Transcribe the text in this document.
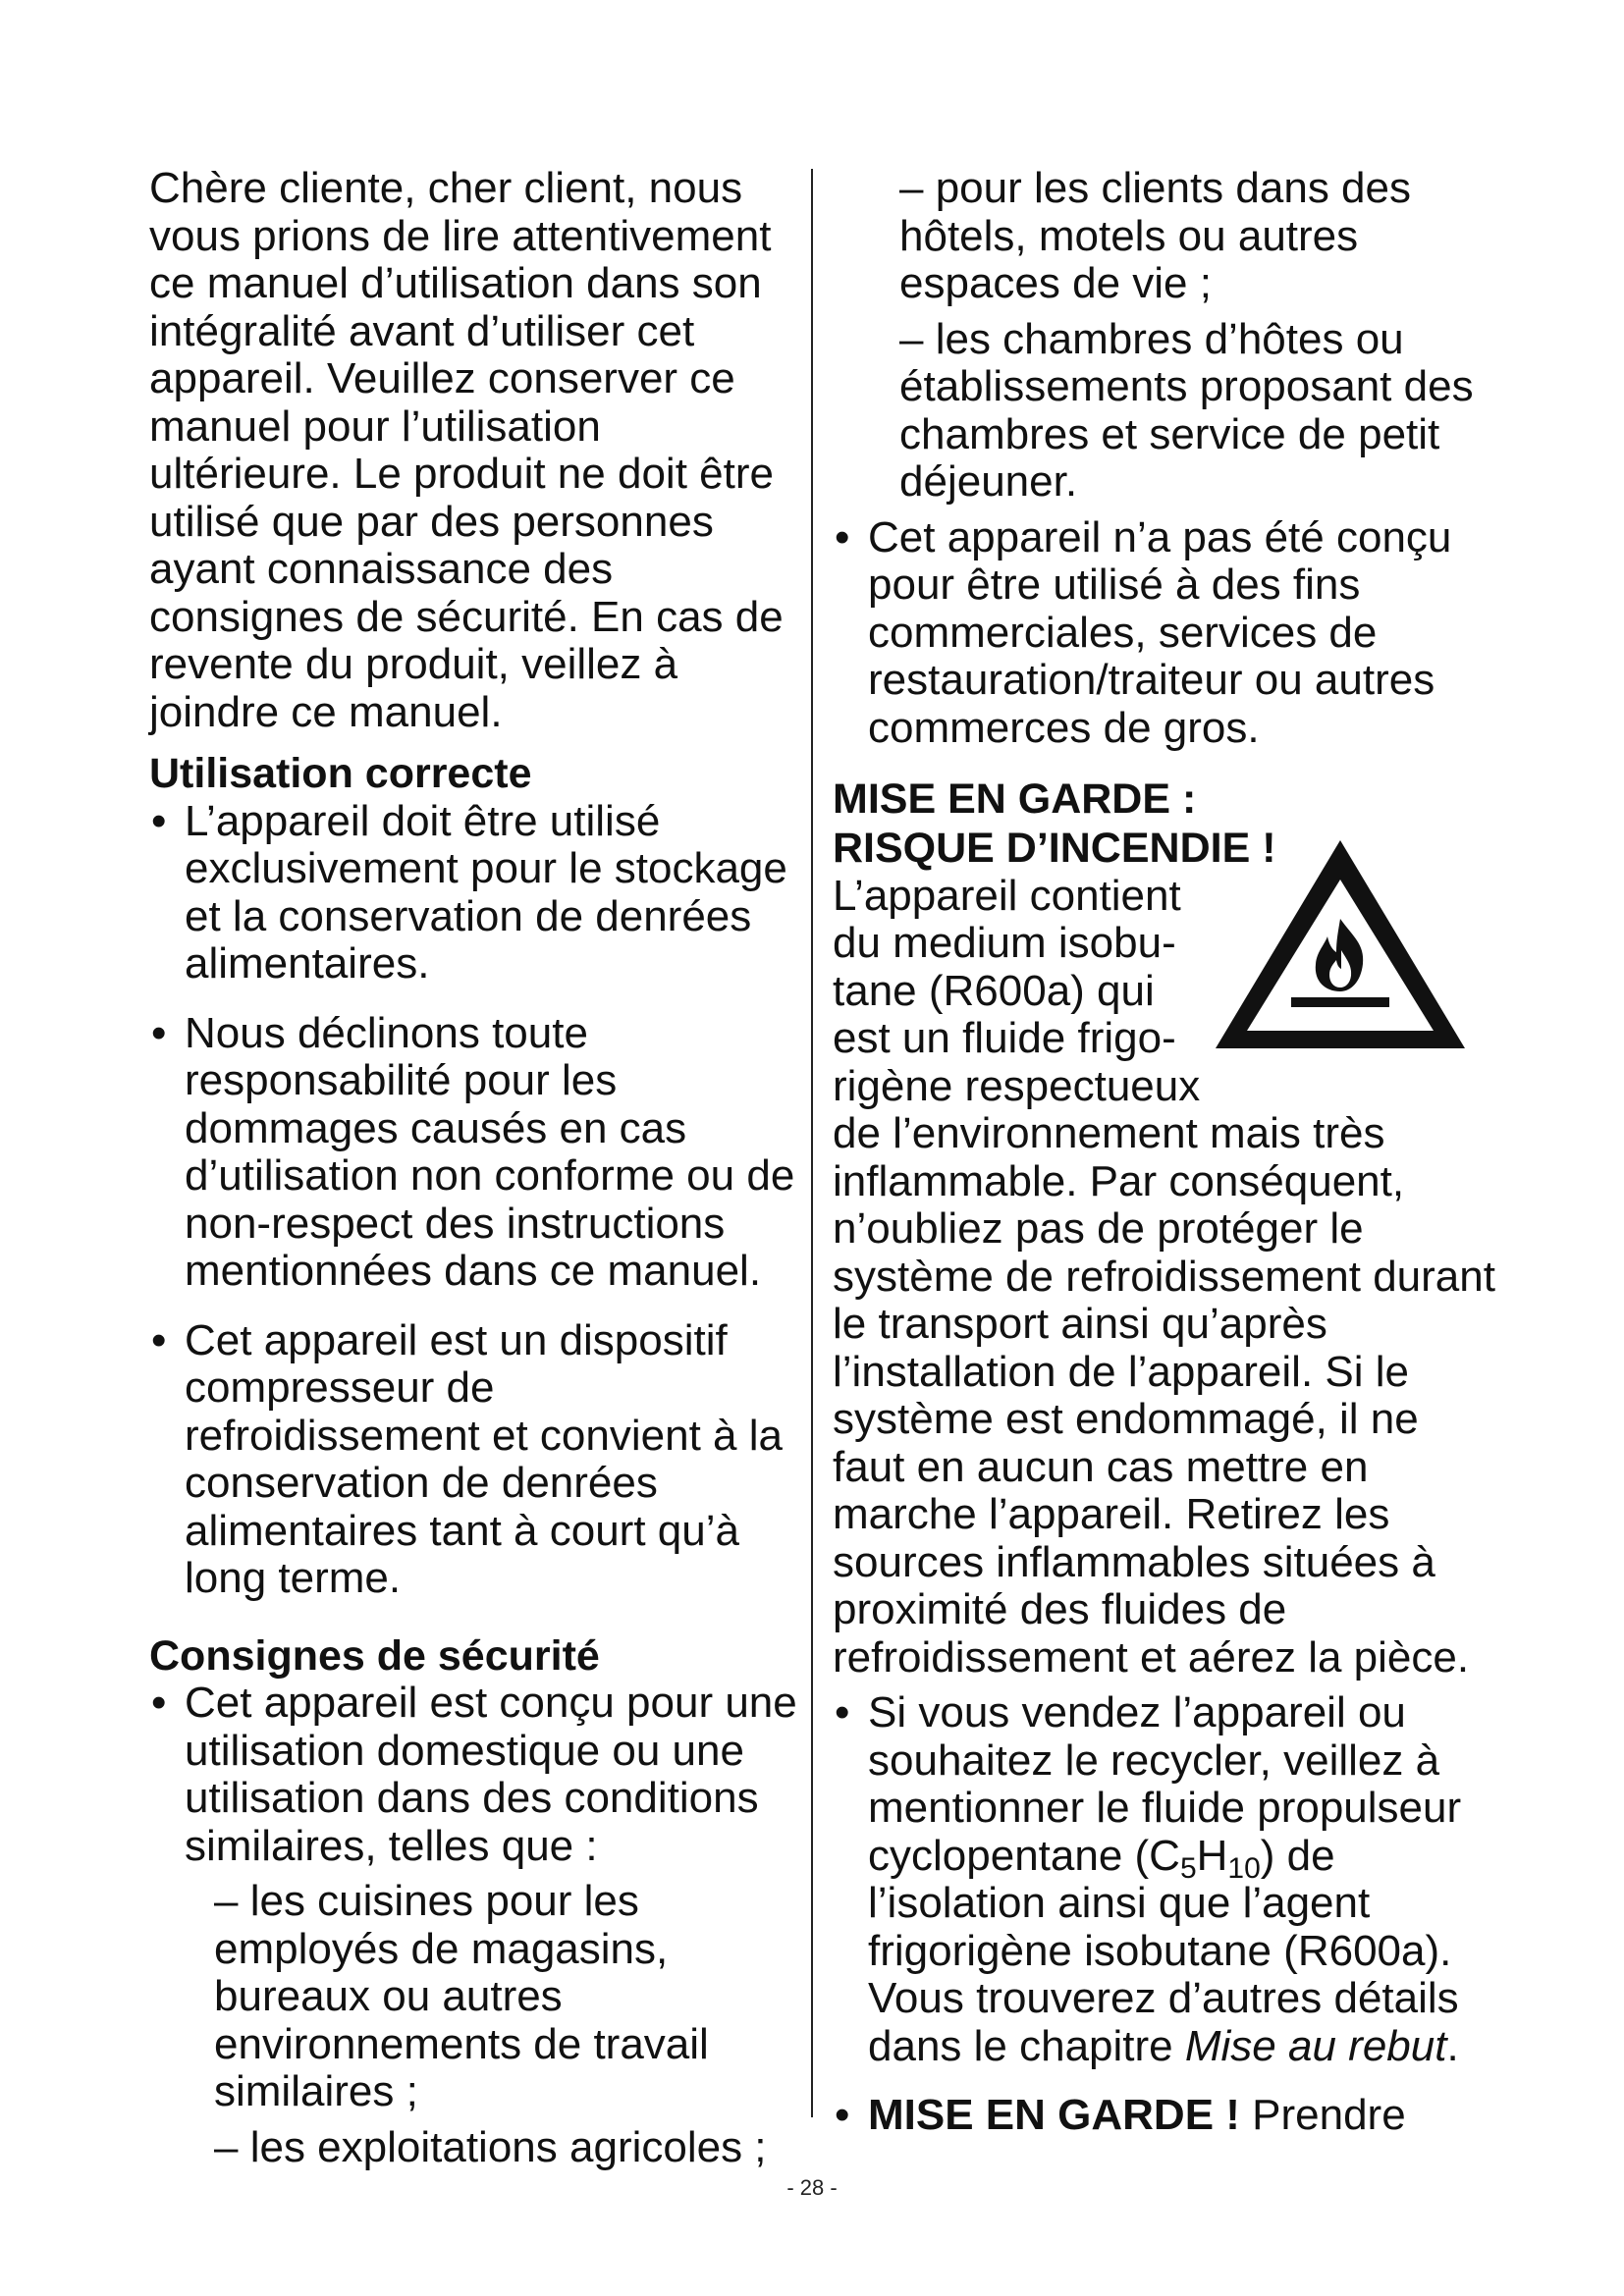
Chère cliente, cher client, nous vous prions de lire attentivement ce manuel d’utilisation dans son intégralité avant d’utiliser cet appareil. Veuillez conserver ce manuel pour l’utilisation ultérieure. Le produit ne doit être utilisé que par des personnes ayant connaissance des consignes de sécurité. En cas de revente du produit, veillez à joindre ce manuel.

Utilisation correcte

• L’appareil doit être utilisé exclusivement pour le stockage et la conservation de denrées alimentaires.

• Nous déclinons toute responsabilité pour les dommages causés en cas d’utilisation non conforme ou de non-respect des instructions mentionnées dans ce manuel.

• Cet appareil est un dispositif compresseur de refroidissement et convient à la conservation de denrées alimentaires tant à court qu’à long terme.

Consignes de sécurité

• Cet appareil est conçu pour une utilisation domestique ou une utilisation dans des conditions similaires, telles que :

– les cuisines pour les employés de magasins, bureaux ou autres environnements de travail similaires ;

– les exploitations agricoles ;

– pour les clients dans des hôtels, motels ou autres espaces de vie ;

– les chambres d’hôtes ou établissements proposant des chambres et service de petit déjeuner.

• Cet appareil n’a pas été conçu pour être utilisé à des fins commerciales, services de restauration/traiteur ou autres commerces de gros.

MISE EN GARDE :
RISQUE D’INCENDIE !

L’appareil contient
du medium isobu-
tane (R600a) qui
est un fluide frigo-
rigène respectueux

de l’environnement mais très inflammable. Par conséquent, n’oubliez pas de protéger le système de refroidissement durant le transport ainsi qu’après l’installation de l’appareil. Si le système est endommagé, il ne faut en aucun cas mettre en marche l’appareil. Retirez les sources inflammables situées à proximité des fluides de refroidissement et aérez la pièce.

• Si vous vendez l’appareil ou souhaitez le recycler, veillez à mentionner le fluide propulseur cyclopentane $(C_5H_{10})$ de l’isolation ainsi que l’agent frigorigène isobutane (R600a). Vous trouverez d’autres détails dans le chapitre Mise au rebut.

• MISE EN GARDE ! Prendre

- 28 -
